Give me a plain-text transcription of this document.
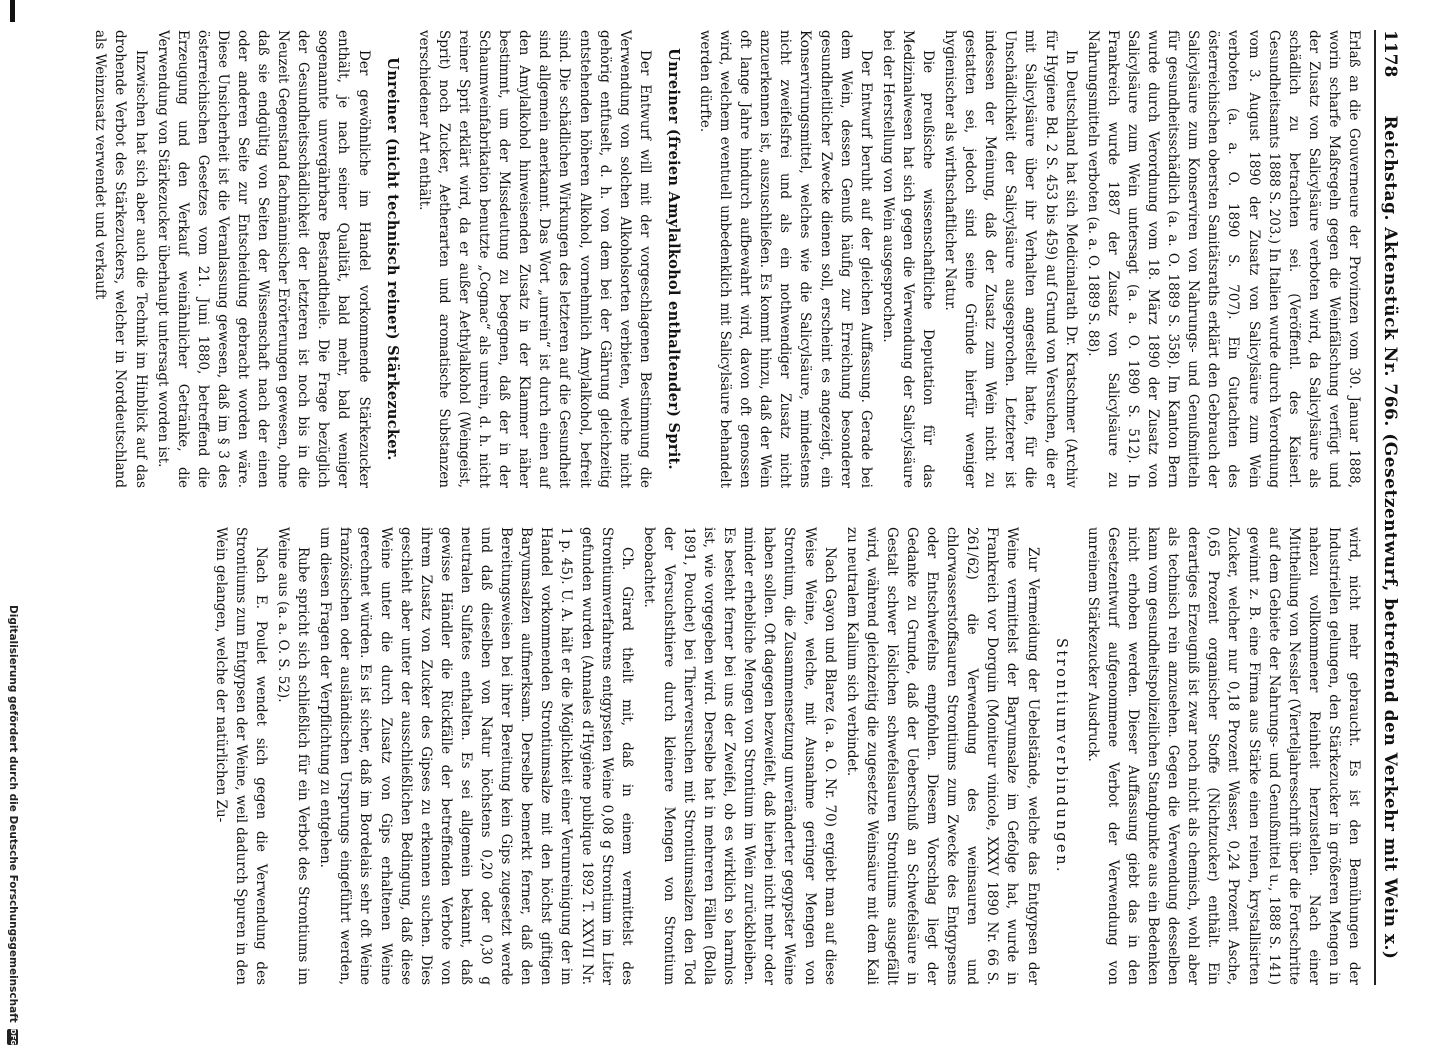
Digitalisierung gefördert durch die Deutsche Forschungsgemeinschaft
DFG
1178
Reichstag. Aktenstück Nr. 766. (Gesetzentwurf, betreffend den Verkehr mit Wein x.)

Erlaß an die Gouverneure der Provinzen vom 30. Januar 1888, worin scharfe Maßregeln gegen die Weinfälschung verfügt und der Zusatz von Salicylsäure verboten wird, da Salicylsäure als schädlich zu betrachten sei. (Veröffentl. des Kaiserl. Gesundheitsamts 1888 S. 203.) In Italien wurde durch Verordnung vom 3. August 1890 der Zusatz von Salicylsäure zum Wein verboten (a. a. O. 1890 S. 707). Ein Gutachten des österreichischen obersten Sanitätsraths erklärt den Gebrauch der Salicylsäure zum Konserviren von Nahrungs- und Genußmitteln für gesundheitsschädlich (a. a. O. 1889 S. 358). Im Kanton Bern wurde durch Verordnung vom 18. März 1890 der Zusatz von Salicylsäure zum Wein untersagt (a. a. O. 1890 S. 512). In Frankreich wurde 1887 der Zusatz von Salicylsäure zu Nahrungsmitteln verboten (a. a. O. 1889 S. 88).

In Deutschland hat sich Medicinalrath Dr. Kratschmer (Archiv für Hygiene Bd. 2 S. 453 bis 459) auf Grund von Versuchen, die er mit Salicylsäure über ihr Verhalten angestellt hatte, für die Unschädlichkeit der Salicylsäure ausgesprochen. Letzterer ist indessen der Meinung, daß der Zusatz zum Wein nicht zu gestatten sei, jedoch sind seine Gründe hierfür weniger hygienischer als wirthschaftlicher Natur.

Die preußische wissenschaftliche Deputation für das Medizinalwesen hat sich gegen die Verwendung der Salicylsäure bei der Herstellung von Wein ausgesprochen.

Der Entwurf beruht auf der gleichen Auffassung. Gerade bei dem Wein, dessen Genuß häufig zur Erreichung besonderer gesundheitlicher Zwecke dienen soll, erscheint es angezeigt, ein Konservirungsmittel, welches wie die Salicylsäure, mindestens nicht zweifelsfrei und als ein nothwendiger Zusatz nicht anzuerkennen ist, auszuschließen. Es kommt hinzu, daß der Wein oft lange Jahre hindurch aufbewahrt wird, davon oft genossen wird, welchem eventuell unbedenklich mit Salicylsäure behandelt werden dürfte.

Unreiner (freien Amylalkohol enthaltender) Sprit.

Der Entwurf will mit der vorgeschlagenen Bestimmung die Verwendung von solchen Alkoholsorten verbieten, welche nicht gehörig entfuselt, d. h. von dem bei der Gährung gleichzeitig entstehenden höheren Alkohol, vornehmlich Amylalkohol, befreit sind. Die schädlichen Wirkungen des letzteren auf die Gesundheit sind allgemein anerkannt. Das Wort „unrein“ ist durch einen auf den Amylalkohol hinweisenden Zusatz in der Klammer näher bestimmt, um der Missdeutung zu begegnen, daß der in der Schaumweinfabrikation benutzte „Cognac“ als unrein, d. h. nicht reiner Sprit erklärt wird, da er außer Aethylalkohol (Weingeist, Sprit) noch Zucker, Aetherarten und aromatische Substanzen verschiedener Art enthält.

Unreiner (nicht technisch reiner) Stärkezucker.

Der gewöhnliche im Handel vorkommende Stärkezucker enthält, je nach seiner Qualität, bald mehr, bald weniger sogenannte unvergährbare Bestandtheile. Die Frage bezüglich der Gesundheitsschädlichkeit der letzteren ist noch bis in die Neuzeit Gegenstand fachmännischer Erörterungen gewesen, ohne daß sie endgültig von Seiten der Wissenschaft nach der einen oder anderen Seite zur Entscheidung gebracht worden wäre. Diese Unsicherheit ist die Veranlassung gewesen, daß im § 3 des österreichischen Gesetzes vom 21. Juni 1880, betreffend die Erzeugung und den Verkauf weinähnlicher Getränke, die Verwendung von Stärkezucker überhaupt untersagt worden ist.

Inzwischen hat sich aber auch die Technik im Hinblick auf das drohende Verbot des Stärkezuckers, welcher in Norddeutschland als Weinzusatz verwendet und verkauft

wird, nicht mehr gebraucht. Es ist den Bemühungen der Industriellen gelungen, den Stärkezucker in größeren Mengen in nahezu vollkommener Reinheit herzustellen. Nach einer Mittheilung von Nessler (Vierteljahresschrift über die Fortschritte auf dem Gebiete der Nahrungs- und Genußmittel u., 1888 S. 141) gewinnt z. B. eine Firma aus Stärke einen reinen, krystallisirten Zucker, welcher nur 0,18 Prozent Wasser, 0,24 Prozent Asche, 0,65 Prozent organischer Stoffe (Nichtzucker) enthält. Ein derartiges Erzeugniß ist zwar noch nicht als chemisch, wohl aber als technisch rein anzusehen. Gegen die Verwendung desselben kann vom gesundheitspolizeilichen Standpunkte aus ein Bedenken nicht erhoben werden. Dieser Auffassung giebt das in den Gesetzentwurf aufgenommene Verbot der Verwendung von unreinem Stärkezucker Ausdruck.

Strontiumverbindungen.

Zur Vermeidung der Uebelstände, welche das Entgypsen der Weine vermittelst der Baryumsalze im Gefolge hat, wurde in Frankreich vor Dorguin (Moniteur vinicole, XXXV 1890 Nr. 66 S. 261/62) die Verwendung des weinsauren und chlorwasserstoffsauren Strontiums zum Zwecke des Entgypsens oder Entschwefelns empfohlen. Diesem Vorschlag liegt der Gedanke zu Grunde, daß der Ueberschuß an Schwefelsäure in Gestalt schwer löslichen schwefelsauren Strontiums ausgefällt wird, während gleichzeitig die zugesetzte Weinsäure mit dem Kali zu neutralem Kalium sich verbindet.

Nach Gayon und Blarez (a. a. O. Nr. 70) ergiebt man auf diese Weise Weine, welche, mit Ausnahme geringer Mengen von Strontium, die Zusammensetzung unveränderter gegypster Weine haben sollen. Oft dagegen bezweifelt, daß hierbei nicht mehr oder minder erhebliche Mengen von Strontium im Wein zurückbleiben. Es besteht ferner bei uns der Zweifel, ob es wirklich so harmlos ist, wie vorgegeben wird. Derselbe hat in mehreren Fällen (Bolla 1891, Pouchet) bei Thierversuchen mit Strontiumsalzen den Tod der Versuchsthiere durch kleinere Mengen von Strontium beobachtet.

Ch. Girard theilt mit, daß in einem vermittelst des Strontiumverfahrens entgypsten Weine 0,08 g Strontium im Liter gefunden wurden (Annales d'Hygiène publique 1892 T. XXVII Nr. 1 p. 45). U. A. hält er die Möglichkeit einer Verunreinigung der im Handel vorkommenden Strontiumsalze mit den höchst giftigen Baryumsalzen aufmerksam. Derselbe bemerkt ferner, daß den Bereitungsweisen bei ihrer Bereitung kein Gips zugesetzt werde und daß dieselben von Natur höchstens 0,20 oder 0,30 g neutralen Sulfates enthalten. Es sei allgemein bekannt, daß gewisse Händler die Rückfälle der betreffenden Verbote von ihrem Zusatz von Zucker des Gipses zu erkennen suchen. Dies geschieht aber unter der ausschließlichen Bedingung, daß diese Weine unter die durch Zusatz von Gips erhaltenen Weine gerechnet würden. Es ist sicher, daß im Bordelais sehr oft Weine französischen oder ausländischen Ursprungs eingeführt werden, um diesen Fragen der Verpflichtung zu entgehen.

Rube spricht sich schließlich für ein Verbot des Strontiums im Weine aus (a. a. O. S. 52).

Nach E. Poulet wendet sich gegen die Verwendung des Strontiums zum Entgypsen der Weine, weil dadurch Spuren in den Wein gelangen, welche der natürlichen Zu-
